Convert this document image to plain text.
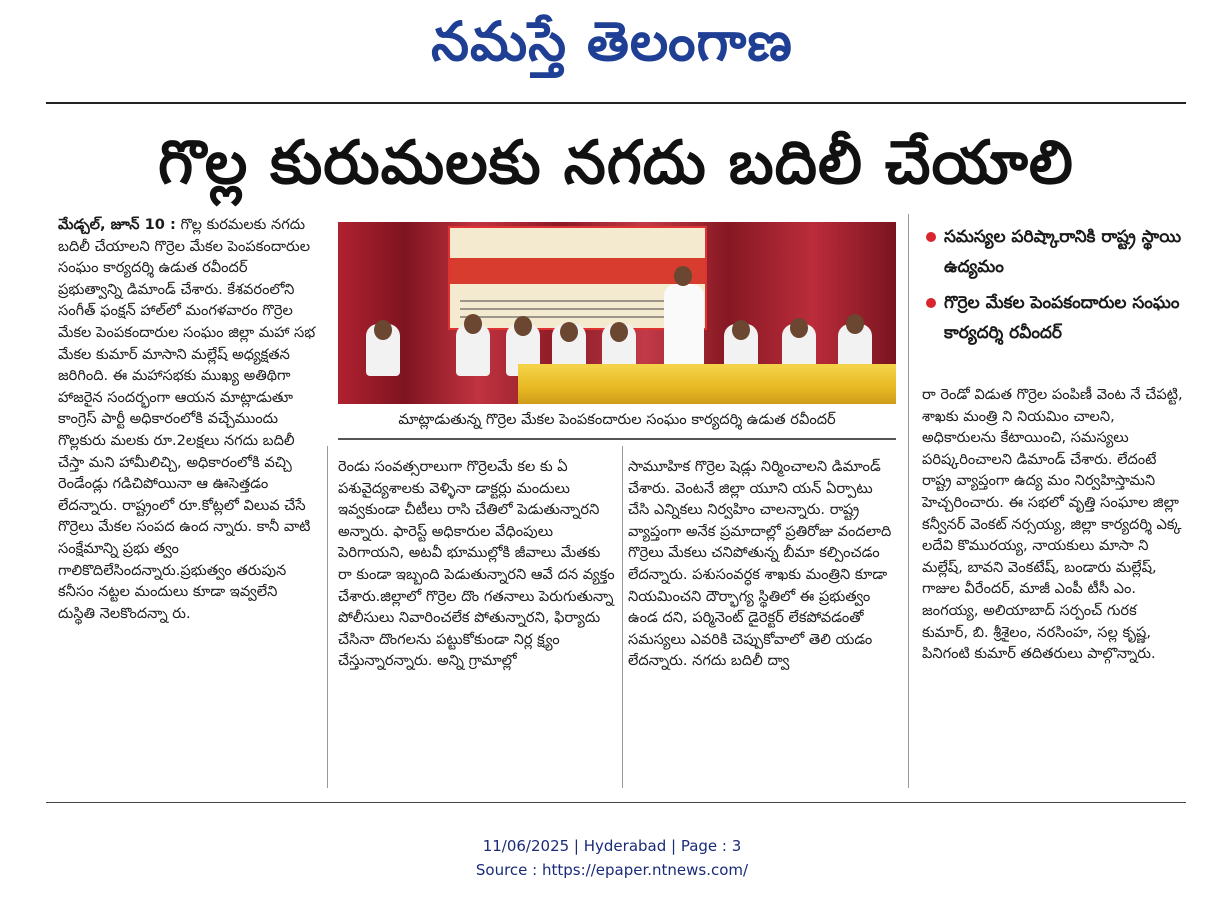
నమస్తే తెలంగాణ
గొల్ల కురుమలకు నగదు బదిలీ చేయాలి

మేడ్చల్, జూన్ 10 : గొల్ల కురమలకు నగదు బదిలీ చేయాలని గొర్రెల మేకల పెంపకందారుల సంఘం కార్యదర్శి ఉడుత రవీందర్ ప్రభుత్వాన్ని డిమాండ్ చేశారు. కేశవరంలోని సంగీత్ ఫంక్షన్ హాల్‌లో మంగళవారం గొర్రెల మేకల పెంపకందారుల సంఘం జిల్లా మహా సభ మేకల కుమార్ మాసాని మల్లేష్ అధ్యక్షతన జరిగింది. ఈ మహాసభకు ముఖ్య అతిథిగా హాజరైన సందర్భంగా ఆయన మాట్లాడుతూ కాంగ్రెస్ పార్టీ అధికారంలోకి వచ్చేముందు గొల్లకురు మలకు రూ.2లక్షలు నగదు బదిలీ చేస్తా మని హామీలిచ్చి, అధికారంలోకి వచ్చి రెండేండ్లు గడిచిపోయినా ఆ ఊసెత్తడం లేదన్నారు. రాష్ట్రంలో రూ.కోట్లలో విలువ చేసే గొర్రెలు మేకల సంపద ఉంద న్నారు. కానీ వాటి సంక్షేమాన్ని ప్రభు త్వం గాలికొదిలేసిందన్నారు.ప్రభుత్వం తరుపున కనీసం నట్టల మందులు కూడా ఇవ్వలేని దుస్థితి నెలకొందన్నా రు.

మాట్లాడుతున్న గొర్రెల మేకల పెంపకందారుల సంఘం కార్యదర్శి ఉడుత రవీందర్
సమస్యల పరిష్కారానికి రాష్ట్ర స్థాయి ఉద్యమం
గొర్రెల మేకల పెంపకందారుల సంఘం కార్యదర్శి రవీందర్

రెండు సంవత్సరాలుగా గొర్రెలమే కల కు ఏ పశువైద్యశాలకు వెళ్ళినా డాక్టర్లు మందులు ఇవ్వకుండా చీటీలు రాసి చేతిలో పెడుతున్నారని అన్నారు. ఫారెస్ట్ అధికారుల వేధింపులు పెరిగాయని, అటవీ భూముల్లోకి జీవాలు మేతకు రా కుండా ఇబ్బంది పెడుతున్నారని ఆవే దన వ్యక్తం చేశారు.జిల్లాలో గొర్రెల దొం గతనాలు పెరుగుతున్నా పోలీసులు నివారించలేక పోతున్నారని, ఫిర్యాదు చేసినా దొంగలను పట్టుకోకుండా నిర్ల క్ష్యం చేస్తున్నారన్నారు. అన్ని గ్రామాల్లో

సామూహిక గొర్రెల షెడ్లు నిర్మించాలని డిమాండ్ చేశారు. వెంటనే జిల్లా యూని యన్ ఏర్పాటు చేసి ఎన్నికలు నిర్వహిం చాలన్నారు. రాష్ట్ర వ్యాప్తంగా అనేక ప్రమాదాల్లో ప్రతిరోజు వందలాది గొర్రెలు మేకలు చనిపోతున్న బీమా కల్పించడం లేదన్నారు. పశుసంవర్ధక శాఖకు మంత్రిని కూడా నియమించని దౌర్భాగ్య స్థితిలో ఈ ప్రభుత్వం ఉండ దని, పర్మినెంట్ డైరెక్టర్ లేకపోవడంతో సమస్యలు ఎవరికి చెప్పుకోవాలో తెలి యడం లేదన్నారు. నగదు బదిలీ ద్వా

రా రెండో విడుత గొర్రెల పంపిణీ వెంట నే చేపట్టి, శాఖకు మంత్రి ని నియమిం చాలని, అధికారులను కేటాయించి, సమస్యలు పరిష్కరించాలని డిమాండ్ చేశారు. లేదంటే రాష్ట్ర వ్యాప్తంగా ఉద్య మం నిర్వహిస్తామని హెచ్చరించారు. ఈ సభలో వృత్తి సంఘాల జిల్లా కన్వీనర్ వెంకట్ నర్సయ్య, జిల్లా కార్యదర్శి ఎక్క లదేవి కొమురయ్య, నాయకులు మాసా ని మల్లేష్, బావని వెంకటేష్, బండారు మల్లేష్, గాజుల వీరేందర్, మాజీ ఎంపీ టీసీ ఎం. జంగయ్య, అలియాబాద్ సర్పంచ్ గురక కుమార్, బి. శ్రీశైలం, నరసింహ, సల్ల కృష్ణ, పినిగంటి కుమార్ తదితరులు పాల్గొన్నారు.

11/06/2025 | Hyderabad | Page : 3
Source : https://epaper.ntnews.com/
